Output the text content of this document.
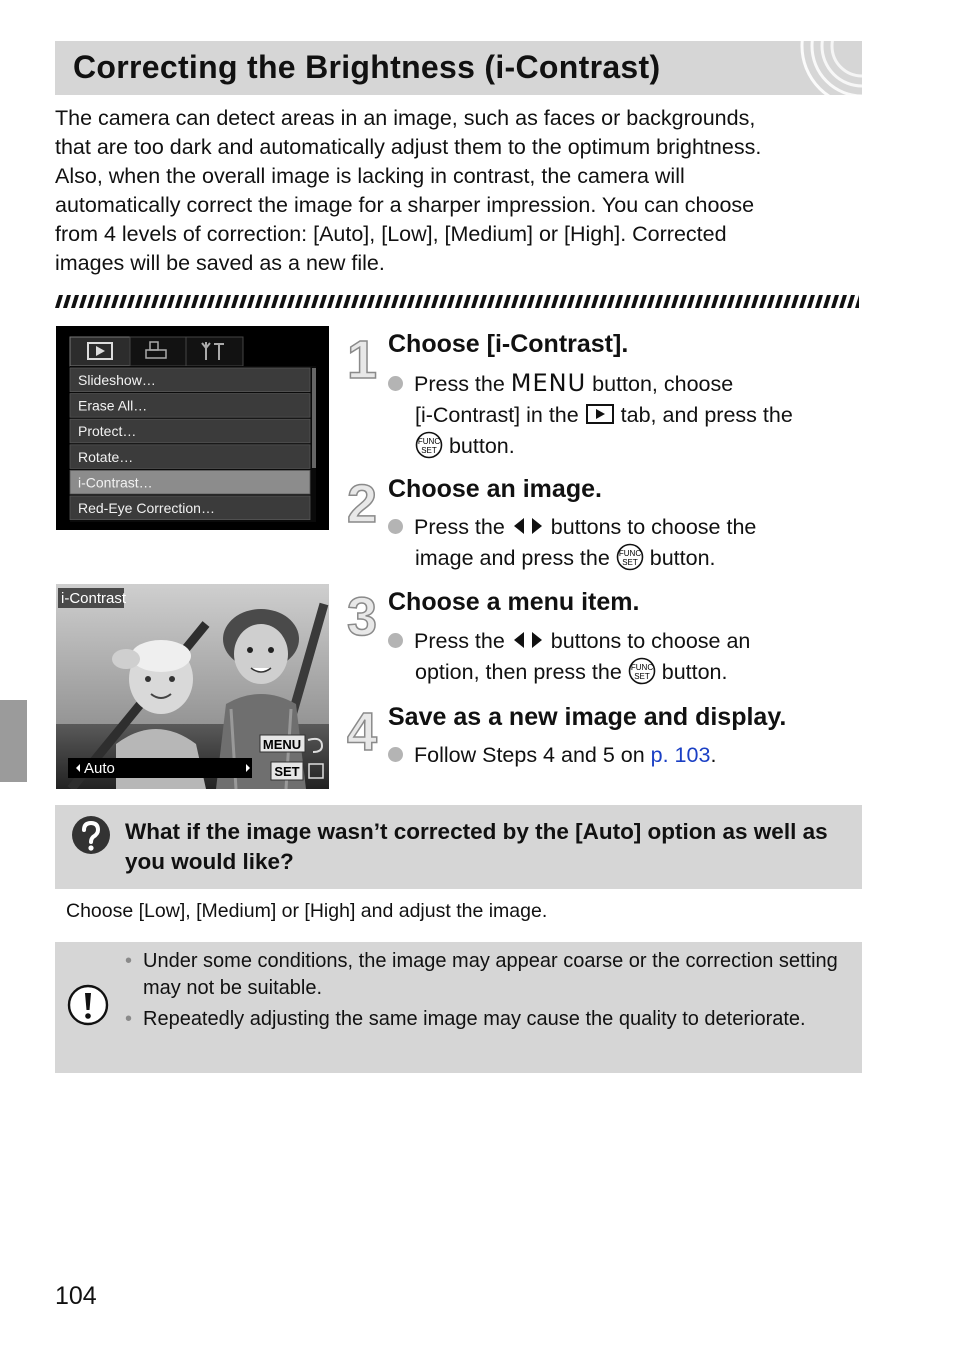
Correcting the Brightness (i-Contrast)

The camera can detect areas in an image, such as faces or backgrounds,

that are too dark and automatically adjust them to the optimum brightness.

Also, when the overall image is lacking in contrast, the camera will

automatically correct the image for a sharper impression. You can choose

from 4 levels of correction: [Auto], [Low], [Medium] or [High]. Corrected

images will be saved as a new file.

Slideshow…
Erase All…
Protect…
Rotate…
i-Contrast…
Red-Eye Correction…
i-Contrast
MENU
Auto	SET
1 Choose [i-Contrast].
Press the MENU button, choose
[i-Contrast] in the  tab, and press the
FUNC
SET button.
2 Choose an image.
Press the  buttons to choose the
image and press the FUNC
SET button.
3 Choose a menu item.
Press the  buttons to choose an
option, then press the FUNC
SET button.
4 Save as a new image and display.
Follow Steps 4 and 5 on p. 103.
What if the image wasn’t corrected by the [Auto] option as well as you would like?
Choose [Low], [Medium] or [High] and adjust the image.
• Under some conditions, the image may appear coarse or the correction setting may not be suitable.
• Repeatedly adjusting the same image may cause the quality to deteriorate.
104
